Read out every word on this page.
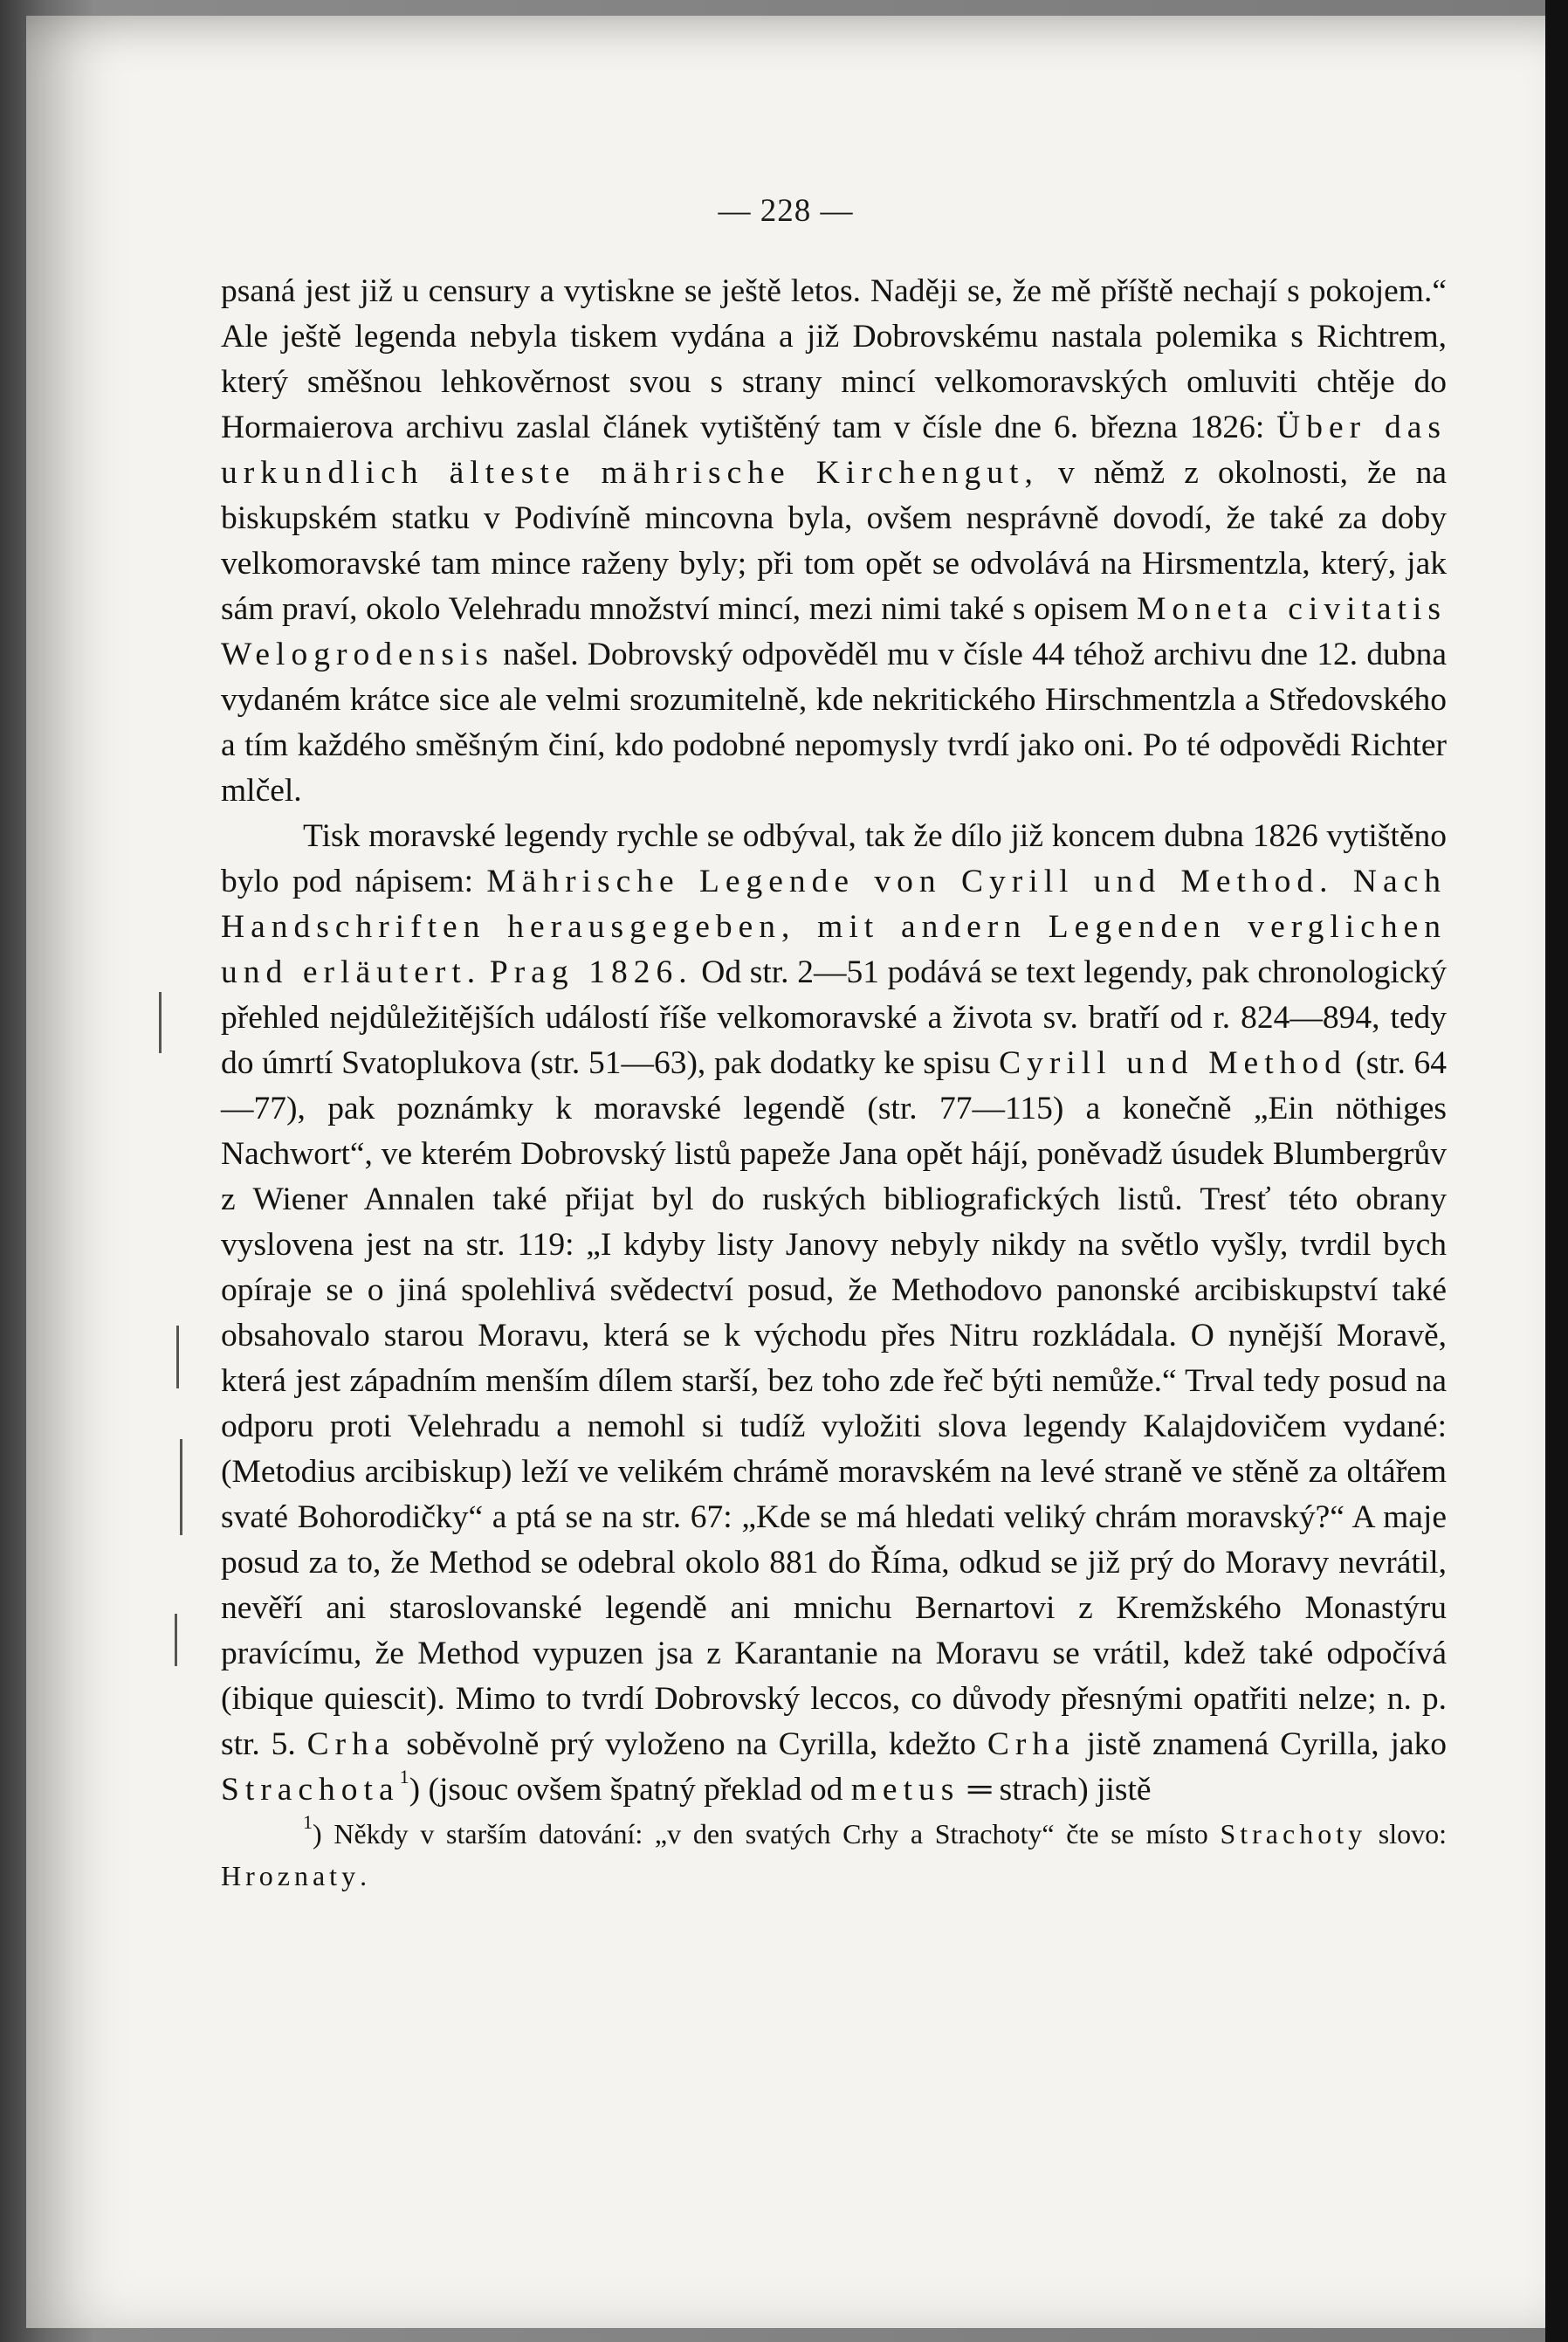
— 228 —

psaná jest již u censury a vytiskne se ještě letos. Naději se, že mě příště nechají s pokojem.“ Ale ještě legenda nebyla tiskem vydána a již Dobrovskému nastala polemika s Richtrem, který směšnou lehkověrnost svou s strany mincí velkomoravských omluviti chtěje do Hormaierova archivu zaslal článek vytištěný tam v čísle dne 6. března 1826: Über das urkundlich älteste mährische Kirchengut, v němž z okolnosti, že na biskupském statku v Podivíně mincovna byla, ovšem nesprávně dovodí, že také za doby velkomoravské tam mince raženy byly; při tom opět se odvolává na Hirsmentzla, který, jak sám praví, okolo Velehradu množství mincí, mezi nimi také s opisem Moneta civitatis Welogrodensis našel. Dobrovský odpověděl mu v čísle 44 téhož archivu dne 12. dubna vydaném krátce sice ale velmi srozumitelně, kde nekritického Hirschmentzla a Středovského a tím každého směšným činí, kdo podobné nepomysly tvrdí jako oni. Po té odpovědi Richter mlčel.

Tisk moravské legendy rychle se odbýval, tak že dílo již koncem dubna 1826 vytištěno bylo pod nápisem: Mährische Legende von Cyrill und Method. Nach Handschriften herausgegeben, mit andern Legenden verglichen und erläutert. Prag 1826. Od str. 2—51 podává se text legendy, pak chronologický přehled nejdůležitějších událostí říše velkomoravské a života sv. bratří od r. 824—894, tedy do úmrtí Svatoplukova (str. 51—63), pak dodatky ke spisu Cyrill und Method (str. 64—77), pak poznámky k moravské legendě (str. 77—115) a konečně „Ein nöthiges Nachwort“, ve kterém Dobrovský listů papeže Jana opět hájí, poněvadž úsudek Blumbergrův z Wiener Annalen také přijat byl do ruských bibliografických listů. Tresť této obrany vyslovena jest na str. 119: „I kdyby listy Janovy nebyly nikdy na světlo vyšly, tvrdil bych opíraje se o jiná spolehlivá svědectví posud, že Methodovo panonské arcibiskupství také obsahovalo starou Moravu, která se k východu přes Nitru rozkládala. O nynější Moravě, která jest západním menším dílem starší, bez toho zde řeč býti nemůže.“ Trval tedy posud na odporu proti Velehradu a nemohl si tudíž vyložiti slova legendy Kalajdovičem vydané: (Metodius arcibiskup) leží ve velikém chrámě moravském na levé straně ve stěně za oltářem svaté Bohorodičky“ a ptá se na str. 67: „Kde se má hledati veliký chrám moravský?“ A maje posud za to, že Method se odebral okolo 881 do Říma, odkud se již prý do Moravy nevrátil, nevěří ani staroslovanské legendě ani mnichu Bernartovi z Kremžského Monastýru pravícímu, že Method vypuzen jsa z Karantanie na Moravu se vrátil, kdež také odpočívá (ibique quiescit). Mimo to tvrdí Dobrovský leccos, co důvody přesnými opatřiti nelze; n. p. str. 5. Crha soběvolně prý vyloženo na Cyrilla, kdežto Crha jistě znamená Cyrilla, jako Strachota$^1$) (jsouc ovšem špatný překlad od metus ═ strach) jistě

$^1$) Někdy v starším datování: „v den svatých Crhy a Strachoty“ čte se místo Strachoty slovo: Hroznaty.
